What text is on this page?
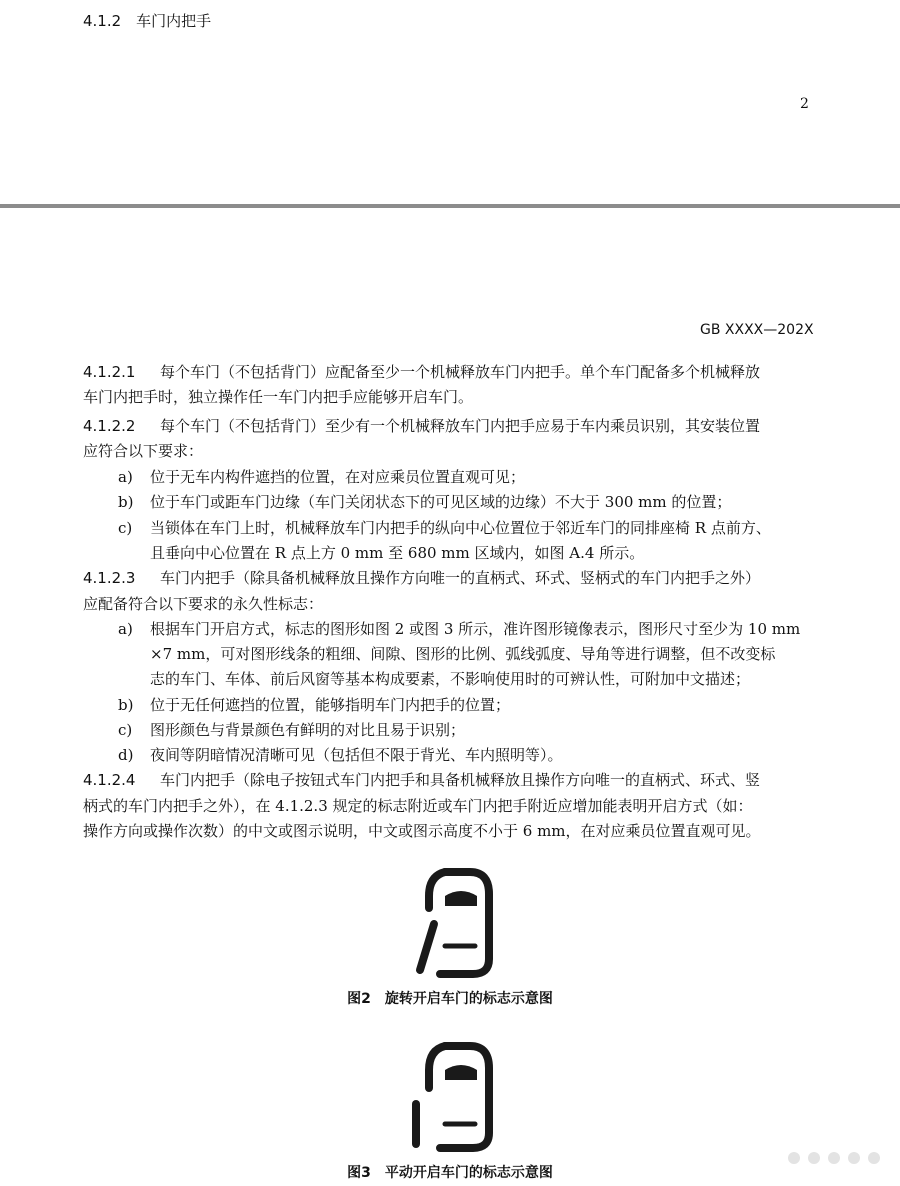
4.1.2　车门内把手
2
GB XXXX—202X
4.1.2.1 每个车门（不包括背门）应配备至少一个机械释放车门内把手。单个车门配备多个机械释放
车门内把手时，独立操作任一车门内把手应能够开启车门。
4.1.2.2 每个车门（不包括背门）至少有一个机械释放车门内把手应易于车内乘员识别，其安装位置
应符合以下要求：
a) 位于无车内构件遮挡的位置，在对应乘员位置直观可见；
b) 位于车门或距车门边缘（车门关闭状态下的可见区域的边缘）不大于 300 mm 的位置；
c) 当锁体在车门上时，机械释放车门内把手的纵向中心位置位于邻近车门的同排座椅 R 点前方、
且垂向中心位置在 R 点上方 0 mm 至 680 mm 区域内，如图 A.4 所示。
4.1.2.3 车门内把手（除具备机械释放且操作方向唯一的直柄式、环式、竖柄式的车门内把手之外）
应配备符合以下要求的永久性标志：
a) 根据车门开启方式，标志的图形如图 2 或图 3 所示，准许图形镜像表示，图形尺寸至少为 10 mm
×7 mm，可对图形线条的粗细、间隙、图形的比例、弧线弧度、导角等进行调整，但不改变标
志的车门、车体、前后风窗等基本构成要素，不影响使用时的可辨认性，可附加中文描述；
b) 位于无任何遮挡的位置，能够指明车门内把手的位置；
c) 图形颜色与背景颜色有鲜明的对比且易于识别；
d) 夜间等阴暗情况清晰可见（包括但不限于背光、车内照明等）。
4.1.2.4 车门内把手（除电子按钮式车门内把手和具备机械释放且操作方向唯一的直柄式、环式、竖
柄式的车门内把手之外），在 4.1.2.3 规定的标志附近或车门内把手附近应增加能表明开启方式（如：
操作方向或操作次数）的中文或图示说明，中文或图示高度不小于 6 mm，在对应乘员位置直观可见。
图2　旋转开启车门的标志示意图
图3　平动开启车门的标志示意图
